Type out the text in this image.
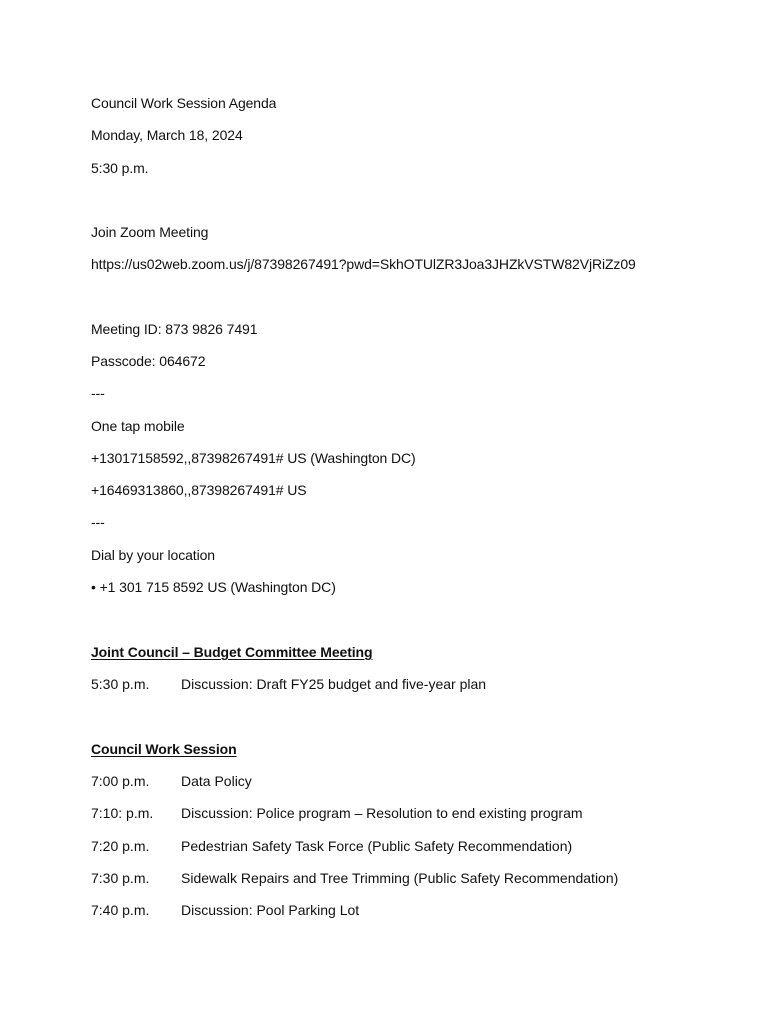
Council Work Session Agenda
Monday, March 18, 2024
5:30 p.m.
Join Zoom Meeting
https://us02web.zoom.us/j/87398267491?pwd=SkhOTUlZR3Joa3JHZkVSTW82VjRiZz09
Meeting ID: 873 9826 7491
Passcode: 064672
---
One tap mobile
+13017158592,,87398267491# US (Washington DC)
+16469313860,,87398267491# US
---
Dial by your location
• +1 301 715 8592 US (Washington DC)
Joint Council – Budget Committee Meeting
5:30 p.m. Discussion: Draft FY25 budget and five-year plan
Council Work Session
7:00 p.m. Data Policy
7:10: p.m. Discussion: Police program – Resolution to end existing program
7:20 p.m. Pedestrian Safety Task Force (Public Safety Recommendation)
7:30 p.m. Sidewalk Repairs and Tree Trimming (Public Safety Recommendation)
7:40 p.m. Discussion: Pool Parking Lot
